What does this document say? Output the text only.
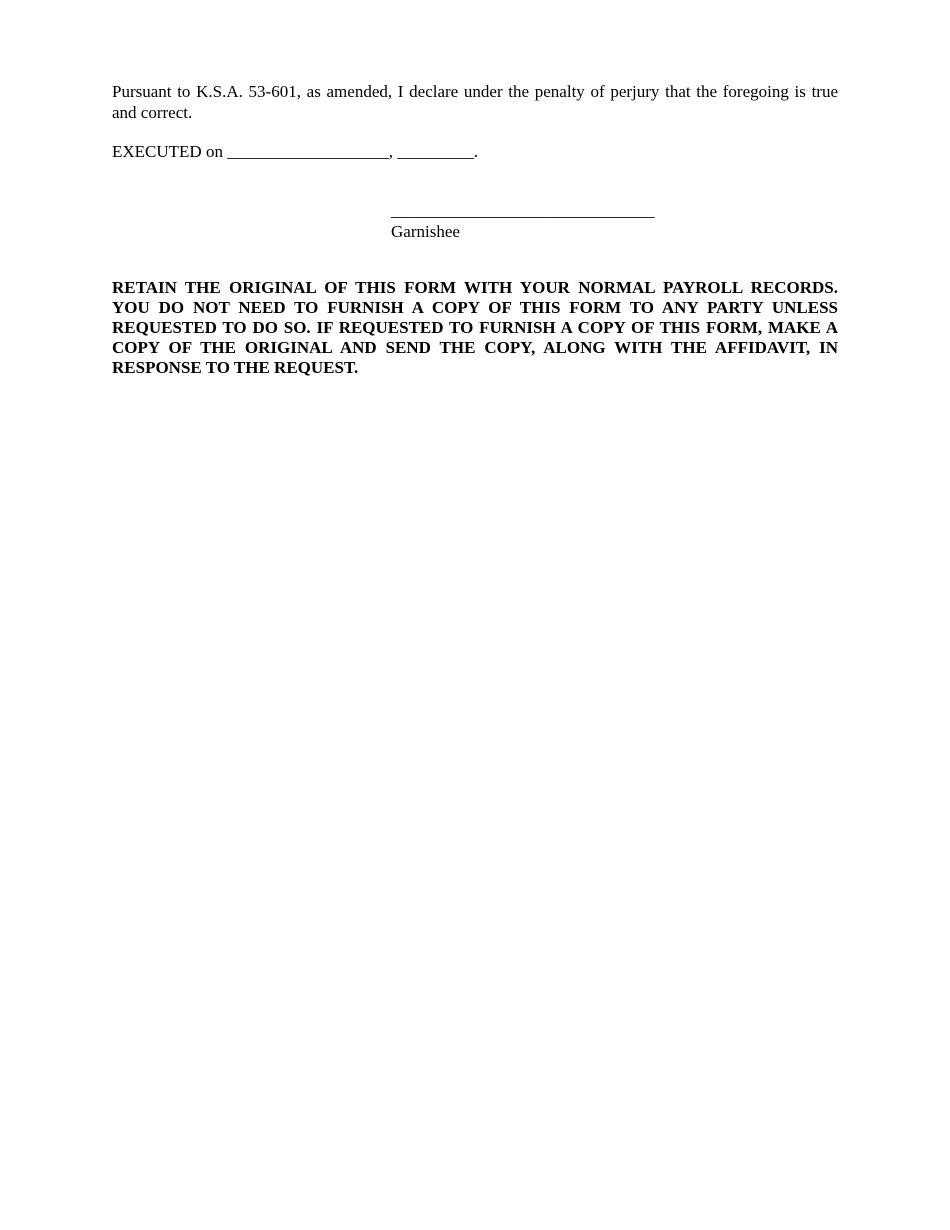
Pursuant to K.S.A. 53-601, as amended, I declare under the penalty of perjury that the foregoing is true and correct.

EXECUTED on ___________________, _________.

_______________________________

Garnishee

RETAIN THE ORIGINAL OF THIS FORM WITH YOUR NORMAL PAYROLL RECORDS. YOU DO NOT NEED TO FURNISH A COPY OF THIS FORM TO ANY PARTY UNLESS REQUESTED TO DO SO. IF REQUESTED TO FURNISH A COPY OF THIS FORM, MAKE A COPY OF THE ORIGINAL AND SEND THE COPY, ALONG WITH THE AFFIDAVIT, IN RESPONSE TO THE REQUEST.
